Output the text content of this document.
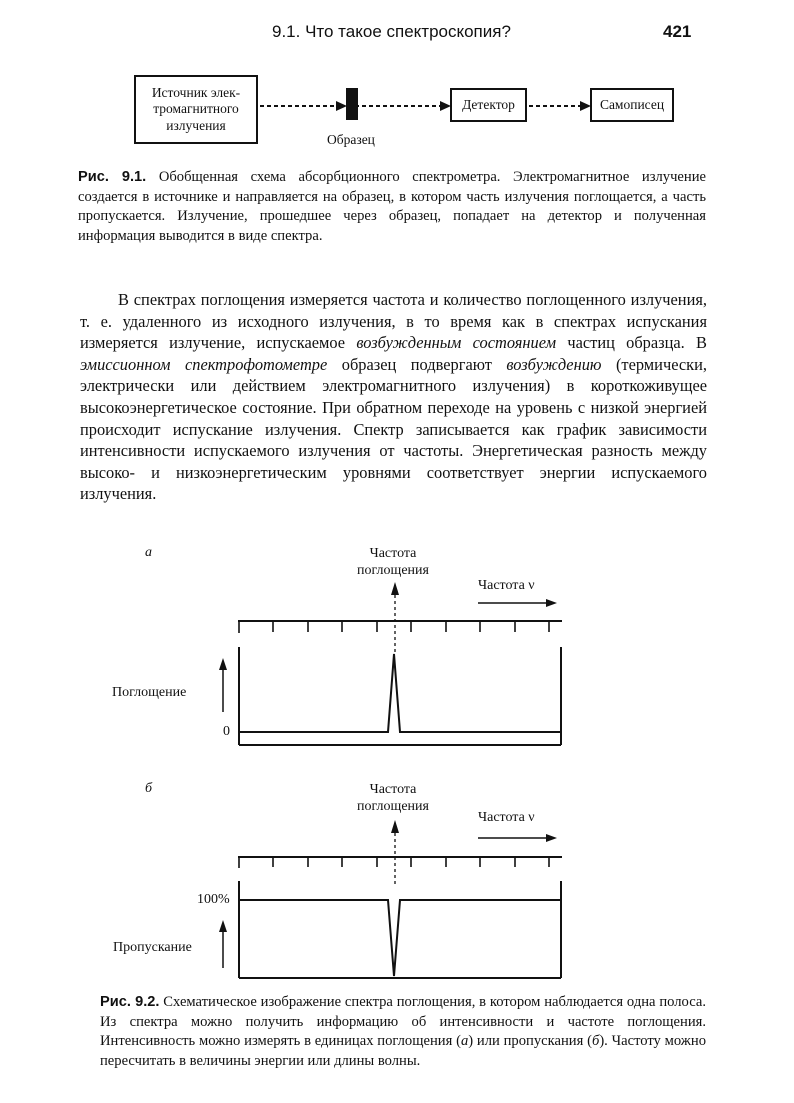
9.1. Что такое спектроскопия?	421
Источник элек-
тромагнитного
излучения
Детектор	Самописец
Образец
Рис. 9.1. Обобщенная схема абсорбционного спектрометра. Электромагнитное излучение создается в источнике и направляется на образец, в котором часть излучения поглощается, а часть пропускается. Излучение, прошедшее через образец, попадает на детектор и полученная информация выводится в виде спектра.

В спектрах поглощения измеряется частота и количество поглощенного излучения, т. е. удаленного из исходного излучения, в то время как в спектрах испускания измеряется излучение, испускаемое возбужденным состоянием частиц образца. В эмиссионном спектрофотометре образец подвергают возбуждению (термически, электрически или действием электромагнитного излучения) в короткоживущее высокоэнергетическое состояние. При обратном переходе на уровень с низкой энергией происходит испускание излучения. Спектр записывается как график зависимости интенсивности испускаемого излучения от частоты. Энергетическая разность между высоко- и низкоэнергетическим уровнями соответствует энергии испускаемого излучения.

а	Частота
поглощения
Частота ν
Поглощение
0
б	Частота
поглощения
Частота ν
100%
Пропускание
Рис. 9.2. Схематическое изображение спектра поглощения, в котором наблюдается одна полоса. Из спектра можно получить информацию об интенсивности и частоте поглощения. Интенсивность можно измерять в единицах поглощения (а) или пропускания (б). Частоту можно пересчитать в величины энергии или длины волны.
